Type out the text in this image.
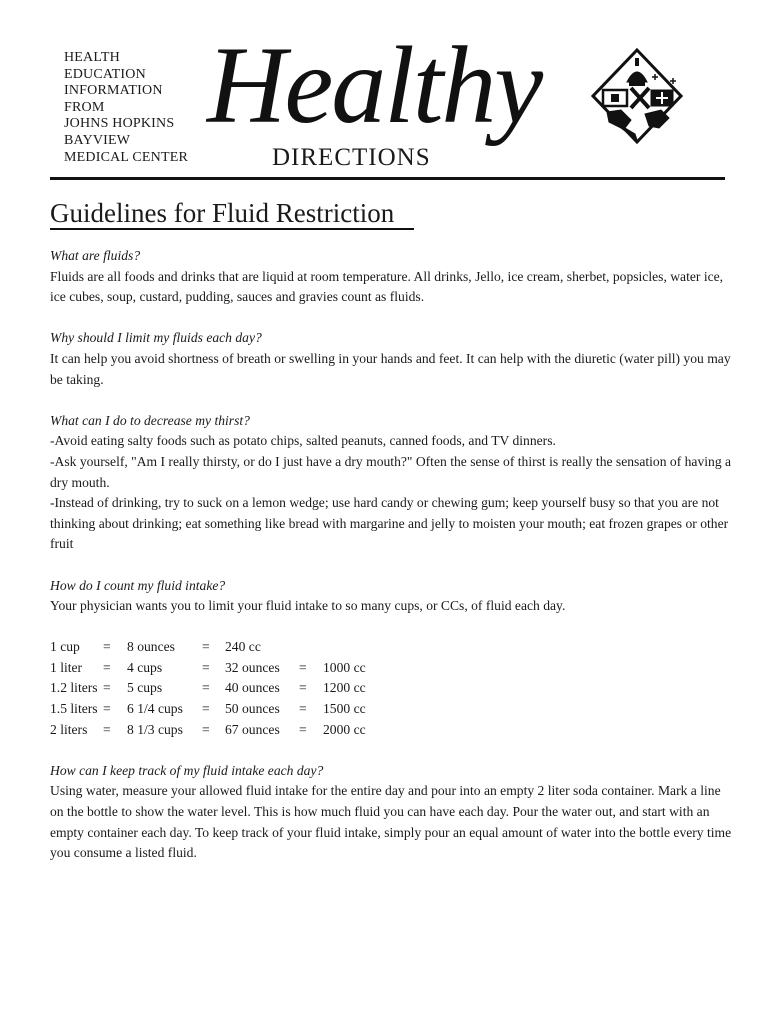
HEALTH
EDUCATION
INFORMATION
FROM
JOHNS HOPKINS
BAYVIEW
MEDICAL CENTER
Healthy
DIRECTIONS
Guidelines for Fluid Restriction

What are fluids?

Fluids are all foods and drinks that are liquid at room temperature. All drinks, Jello, ice cream, sherbet, popsicles, water ice, ice cubes, soup, custard, pudding, sauces and gravies count as fluids.

Why should I limit my fluids each day?

It can help you avoid shortness of breath or swelling in your hands and feet. It can help with the diuretic (water pill) you may be taking.

What can I do to decrease my thirst?

-Avoid eating salty foods such as potato chips, salted peanuts, canned foods, and TV dinners.

-Ask yourself, "Am I really thirsty, or do I just have a dry mouth?" Often the sense of thirst is really the sensation of having a dry mouth.

-Instead of drinking, try to suck on a lemon wedge; use hard candy or chewing gum; keep yourself busy so that you are not thinking about drinking; eat something like bread with margarine and jelly to moisten your mouth; eat frozen grapes or other fruit

How do I count my fluid intake?

Your physician wants you to limit your fluid intake to so many cups, or CCs, of fluid each day.

1 cup	=	8 ounces	=	240 cc		
1 liter	=	4 cups	=	32 ounces	=	1000 cc
1.2 liters	=	5 cups	=	40 ounces	=	1200 cc
1.5 liters	=	6 1/4 cups	=	50 ounces	=	1500 cc
2 liters	=	8 1/3 cups	=	67 ounces	=	2000 cc

How can I keep track of my fluid intake each day?

Using water, measure your allowed fluid intake for the entire day and pour into an empty 2 liter soda container. Mark a line on the bottle to show the water level. This is how much fluid you can have each day. Pour the water out, and start with an empty container each day. To keep track of your fluid intake, simply pour an equal amount of water into the bottle every time you consume a listed fluid.
